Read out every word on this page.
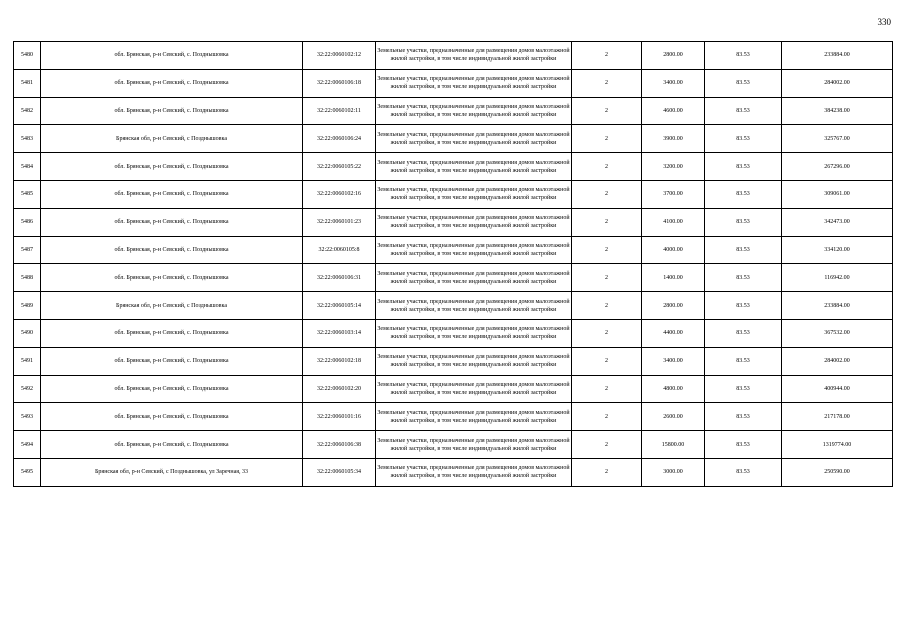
330
5480	обл. Брянская, р-н Севский, с. Позднышовка	32:22:0060102:12	Земельные участки, предназначенные для размещения домов малоэтажной жилой застройки, в том числе индивидуальной жилой застройки	2	2800.00	83.53	233884.00
5481	обл. Брянская, р-н Севский, с. Позднышовка	32:22:0060106:18	Земельные участки, предназначенные для размещения домов малоэтажной жилой застройки, в том числе индивидуальной жилой застройки	2	3400.00	83.53	284002.00
5482	обл. Брянская, р-н Севский, с. Позднышовка	32:22:0060102:11	Земельные участки, предназначенные для размещения домов малоэтажной жилой застройки, в том числе индивидуальной жилой застройки	2	4600.00	83.53	384238.00
5483	Брянская обл, р-н Севский, с Позднышовка	32:22:0060106:24	Земельные участки, предназначенные для размещения домов малоэтажной жилой застройки, в том числе индивидуальной жилой застройки	2	3900.00	83.53	325767.00
5484	обл. Брянская, р-н Севский, с. Позднышовка	32:22:0060105:22	Земельные участки, предназначенные для размещения домов малоэтажной жилой застройки, в том числе индивидуальной жилой застройки	2	3200.00	83.53	267296.00
5485	обл. Брянская, р-н Севский, с. Позднышовка	32:22:0060102:16	Земельные участки, предназначенные для размещения домов малоэтажной жилой застройки, в том числе индивидуальной жилой застройки	2	3700.00	83.53	309061.00
5486	обл. Брянская, р-н Севский, с. Позднышовка	32:22:0060101:23	Земельные участки, предназначенные для размещения домов малоэтажной жилой застройки, в том числе индивидуальной жилой застройки	2	4100.00	83.53	342473.00
5487	обл. Брянская, р-н Севский, с. Позднышовка	32:22:0060105:8	Земельные участки, предназначенные для размещения домов малоэтажной жилой застройки, в том числе индивидуальной жилой застройки	2	4000.00	83.53	334120.00
5488	обл. Брянская, р-н Севский, с. Позднышовка	32:22:0060106:31	Земельные участки, предназначенные для размещения домов малоэтажной жилой застройки, в том числе индивидуальной жилой застройки	2	1400.00	83.53	116942.00
5489	Брянская обл, р-н Севский, с Позднышовка	32:22:0060105:14	Земельные участки, предназначенные для размещения домов малоэтажной жилой застройки, в том числе индивидуальной жилой застройки	2	2800.00	83.53	233884.00
5490	обл. Брянская, р-н Севский, с. Позднышовка	32:22:0060103:14	Земельные участки, предназначенные для размещения домов малоэтажной жилой застройки, в том числе индивидуальной жилой застройки	2	4400.00	83.53	367532.00
5491	обл. Брянская, р-н Севский, с. Позднышовка	32:22:0060102:18	Земельные участки, предназначенные для размещения домов малоэтажной жилой застройки, в том числе индивидуальной жилой застройки	2	3400.00	83.53	284002.00
5492	обл. Брянская, р-н Севский, с. Позднышовка	32:22:0060102:20	Земельные участки, предназначенные для размещения домов малоэтажной жилой застройки, в том числе индивидуальной жилой застройки	2	4800.00	83.53	400944.00
5493	обл. Брянская, р-н Севский, с. Позднышовка	32:22:0060101:16	Земельные участки, предназначенные для размещения домов малоэтажной жилой застройки, в том числе индивидуальной жилой застройки	2	2600.00	83.53	217178.00
5494	обл. Брянская, р-н Севский, с. Позднышовка	32:22:0060106:38	Земельные участки, предназначенные для размещения домов малоэтажной жилой застройки, в том числе индивидуальной жилой застройки	2	15800.00	83.53	1319774.00
5495	Брянская обл, р-н Севский, с Позднышовка, ул Заречная, 33	32:22:0060105:34	Земельные участки, предназначенные для размещения домов малоэтажной жилой застройки, в том числе индивидуальной жилой застройки	2	3000.00	83.53	250590.00
